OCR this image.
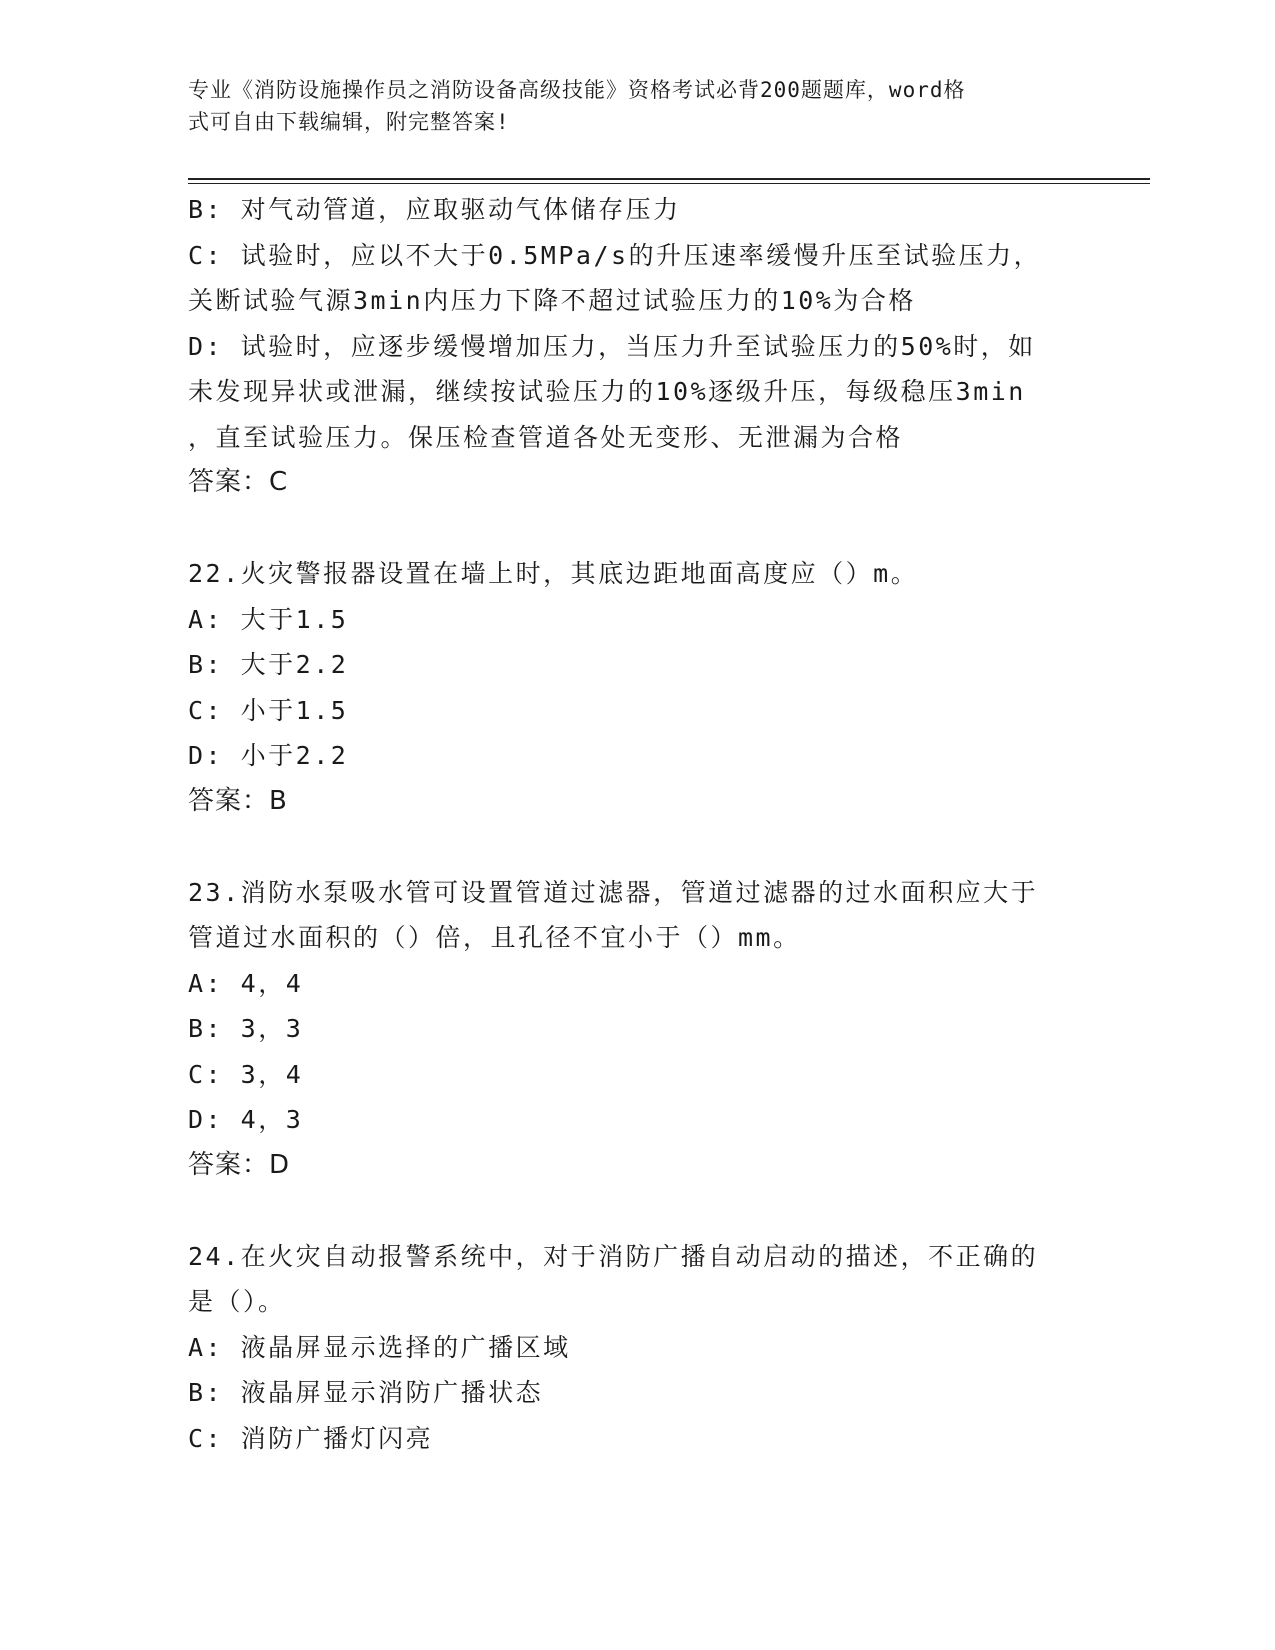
专业《消防设施操作员之消防设备高级技能》资格考试必背200题题库，word格
式可自由下载编辑，附完整答案!
B: 对气动管道，应取驱动气体储存压力
C: 试验时，应以不大于0.5MPa/s的升压速率缓慢升压至试验压力，
关断试验气源3min内压力下降不超过试验压力的10%为合格
D: 试验时，应逐步缓慢增加压力，当压力升至试验压力的50%时，如
未发现异状或泄漏，继续按试验压力的10%逐级升压，每级稳压3min
，直至试验压力。保压检查管道各处无变形、无泄漏为合格
答案：C
22.火灾警报器设置在墙上时，其底边距地面高度应（）m。
A: 大于1.5
B: 大于2.2
C: 小于1.5
D: 小于2.2
答案：B
23.消防水泵吸水管可设置管道过滤器，管道过滤器的过水面积应大于
管道过水面积的（）倍，且孔径不宜小于（）mm。
A: 4，4
B: 3，3
C: 3，4
D: 4，3
答案：D
24.在火灾自动报警系统中，对于消防广播自动启动的描述，不正确的
是（）。
A: 液晶屏显示选择的广播区域
B: 液晶屏显示消防广播状态
C: 消防广播灯闪亮
